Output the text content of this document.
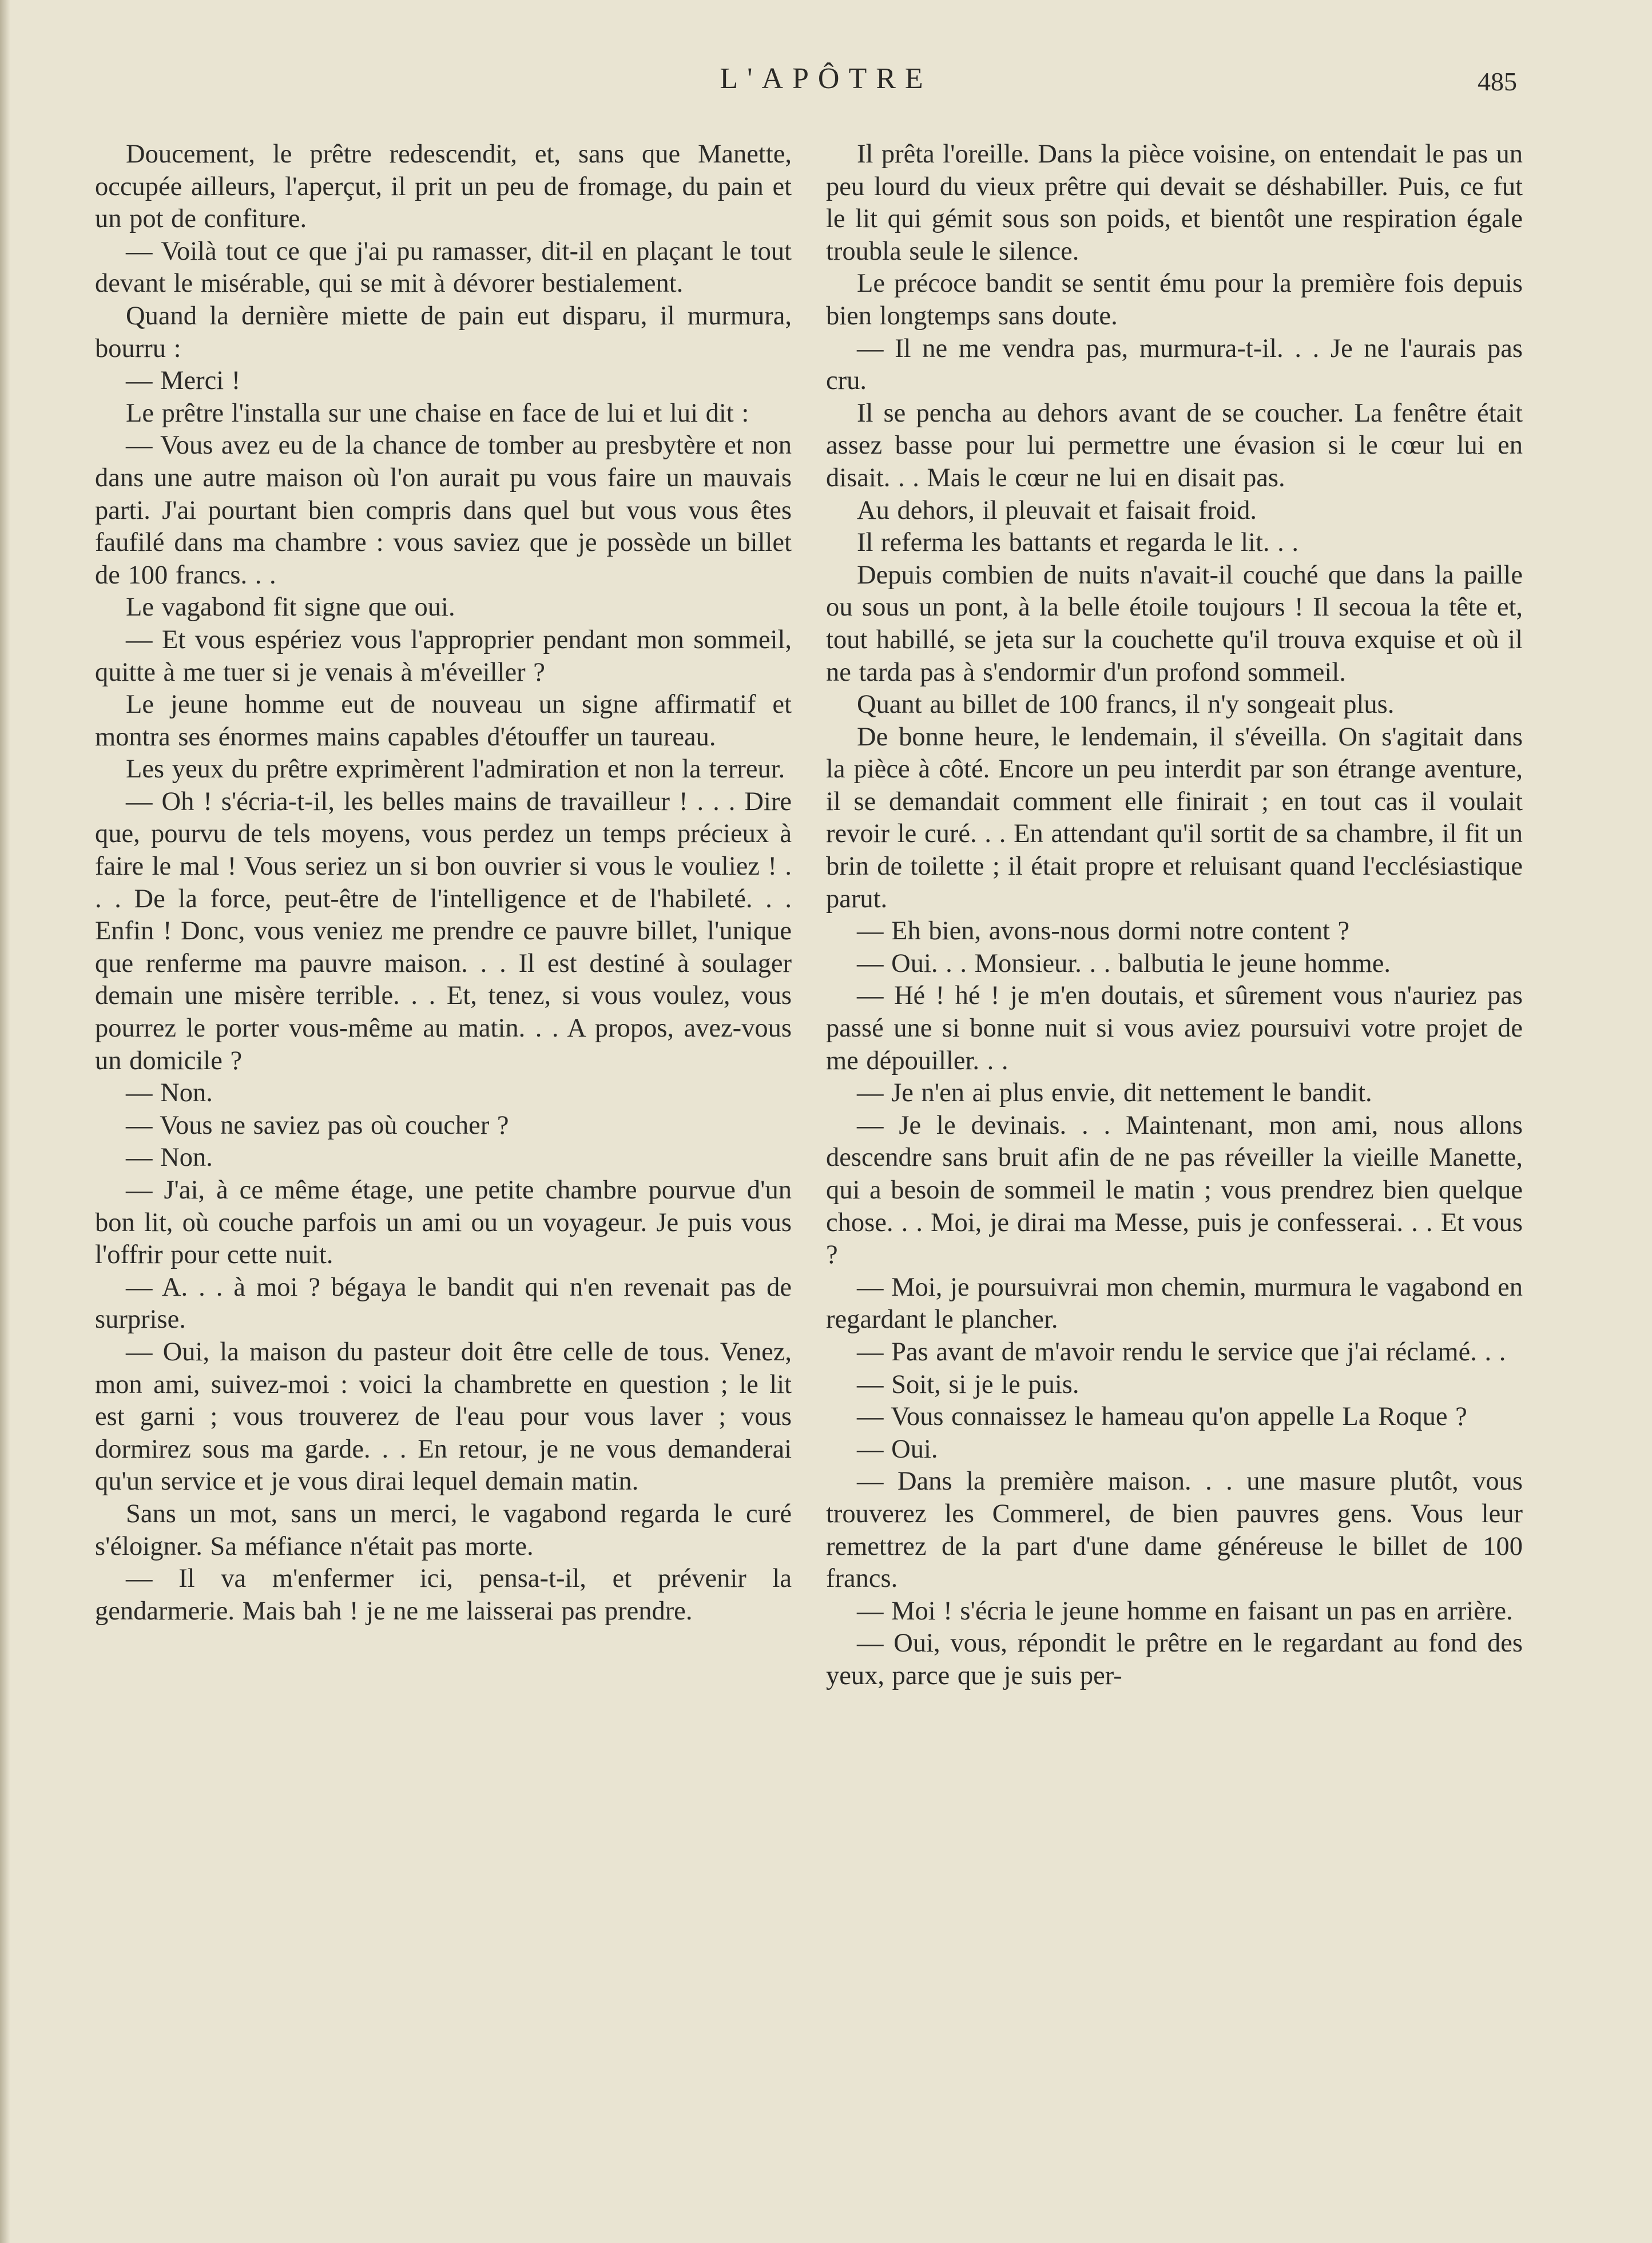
L'APÔTRE	485

Doucement, le prêtre redescendit, et, sans que Manette, occupée ailleurs, l'aperçut, il prit un peu de fromage, du pain et un pot de confiture.

— Voilà tout ce que j'ai pu ramasser, dit-il en plaçant le tout devant le misérable, qui se mit à dévorer bestialement.

Quand la dernière miette de pain eut disparu, il murmura, bourru :

— Merci !

Le prêtre l'installa sur une chaise en face de lui et lui dit :

— Vous avez eu de la chance de tomber au presbytère et non dans une autre maison où l'on aurait pu vous faire un mauvais parti. J'ai pourtant bien compris dans quel but vous vous êtes faufilé dans ma chambre : vous saviez que je possède un billet de 100 francs. . .

Le vagabond fit signe que oui.

— Et vous espériez vous l'approprier pendant mon sommeil, quitte à me tuer si je venais à m'éveiller ?

Le jeune homme eut de nouveau un signe affirmatif et montra ses énormes mains capables d'étouffer un taureau.

Les yeux du prêtre exprimèrent l'admiration et non la terreur.

— Oh ! s'écria-t-il, les belles mains de travailleur ! . . . Dire que, pourvu de tels moyens, vous perdez un temps précieux à faire le mal ! Vous seriez un si bon ouvrier si vous le vouliez ! . . . De la force, peut-être de l'intelligence et de l'habileté. . . Enfin ! Donc, vous veniez me prendre ce pauvre billet, l'unique que renferme ma pauvre maison. . . Il est destiné à soulager demain une misère terrible. . . Et, tenez, si vous voulez, vous pourrez le porter vous-même au matin. . . A propos, avez-vous un domicile ?

— Non.

— Vous ne saviez pas où coucher ?

— Non.

— J'ai, à ce même étage, une petite chambre pourvue d'un bon lit, où couche parfois un ami ou un voyageur. Je puis vous l'offrir pour cette nuit.

— A. . . à moi ? bégaya le bandit qui n'en revenait pas de surprise.

— Oui, la maison du pasteur doit être celle de tous. Venez, mon ami, suivez-moi : voici la chambrette en question ; le lit est garni ; vous trouverez de l'eau pour vous laver ; vous dormirez sous ma garde. . . En retour, je ne vous demanderai qu'un service et je vous dirai lequel demain matin.

Sans un mot, sans un merci, le vagabond regarda le curé s'éloigner. Sa méfiance n'était pas morte.

— Il va m'enfermer ici, pensa-t-il, et prévenir la gendarmerie. Mais bah ! je ne me laisserai pas prendre.

Il prêta l'oreille. Dans la pièce voisine, on entendait le pas un peu lourd du vieux prêtre qui devait se déshabiller. Puis, ce fut le lit qui gémit sous son poids, et bientôt une respiration égale troubla seule le silence.

Le précoce bandit se sentit ému pour la première fois depuis bien longtemps sans doute.

— Il ne me vendra pas, murmura-t-il. . . Je ne l'aurais pas cru.

Il se pencha au dehors avant de se coucher. La fenêtre était assez basse pour lui permettre une évasion si le cœur lui en disait. . . Mais le cœur ne lui en disait pas.

Au dehors, il pleuvait et faisait froid.

Il referma les battants et regarda le lit. . .

Depuis combien de nuits n'avait-il couché que dans la paille ou sous un pont, à la belle étoile toujours ! Il secoua la tête et, tout habillé, se jeta sur la couchette qu'il trouva exquise et où il ne tarda pas à s'endormir d'un profond sommeil.

Quant au billet de 100 francs, il n'y songeait plus.

De bonne heure, le lendemain, il s'éveilla. On s'agitait dans la pièce à côté. Encore un peu interdit par son étrange aventure, il se demandait comment elle finirait ; en tout cas il voulait revoir le curé. . . En attendant qu'il sortit de sa chambre, il fit un brin de toilette ; il était propre et reluisant quand l'ecclésiastique parut.

— Eh bien, avons-nous dormi notre content ?

— Oui. . . Monsieur. . . balbutia le jeune homme.

— Hé ! hé ! je m'en doutais, et sûrement vous n'auriez pas passé une si bonne nuit si vous aviez poursuivi votre projet de me dépouiller. . .

— Je n'en ai plus envie, dit nettement le bandit.

— Je le devinais. . . Maintenant, mon ami, nous allons descendre sans bruit afin de ne pas réveiller la vieille Manette, qui a besoin de sommeil le matin ; vous prendrez bien quelque chose. . . Moi, je dirai ma Messe, puis je confesserai. . . Et vous ?

— Moi, je poursuivrai mon chemin, murmura le vagabond en regardant le plancher.

— Pas avant de m'avoir rendu le service que j'ai réclamé. . .

— Soit, si je le puis.

— Vous connaissez le hameau qu'on appelle La Roque ?

— Oui.

— Dans la première maison. . . une masure plutôt, vous trouverez les Commerel, de bien pauvres gens. Vous leur remettrez de la part d'une dame généreuse le billet de 100 francs.

— Moi ! s'écria le jeune homme en faisant un pas en arrière.

— Oui, vous, répondit le prêtre en le regardant au fond des yeux, parce que je suis per-
